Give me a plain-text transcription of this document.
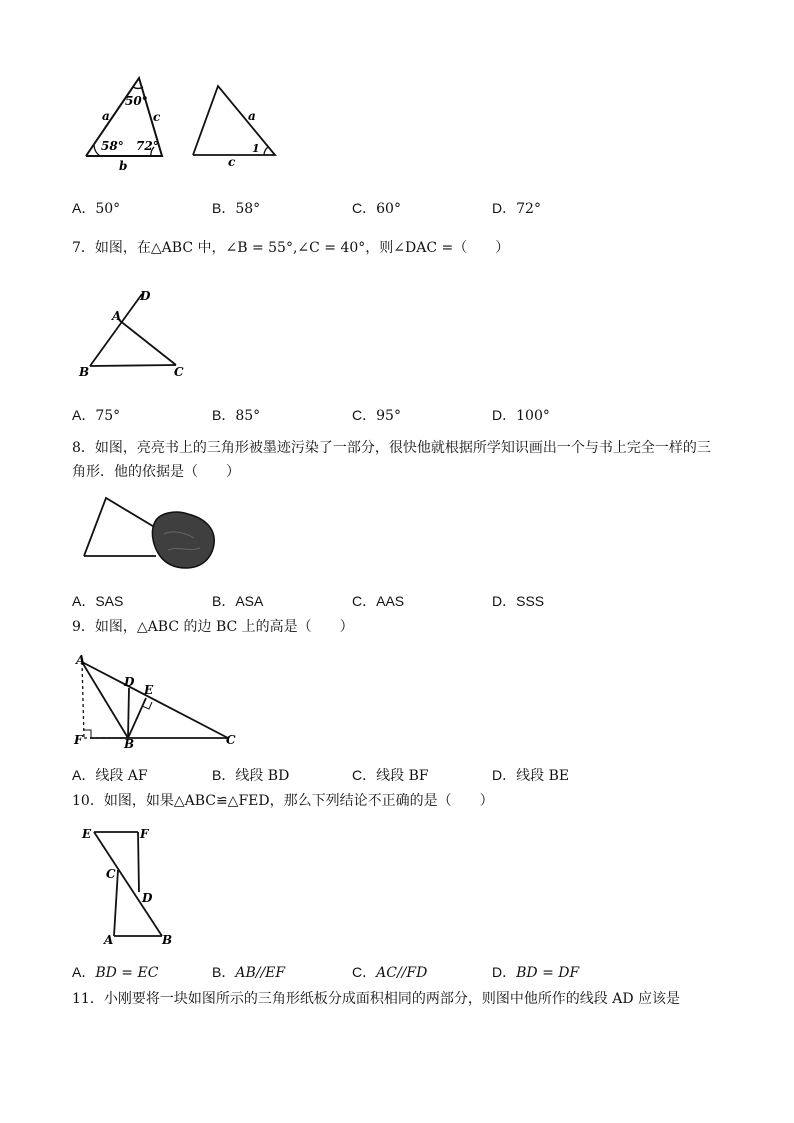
50°
a	c
58° 72°
b
a
1
c
A．50°	B．58°	C．60°	D．72°
7．如图，在△ABC 中，∠B = 55°,∠C = 40°，则∠DAC =（　　）
D
A
B	C
A．75°	B．85°	C．95°	D．100°
8．如图，亮亮书上的三角形被墨迹污染了一部分，很快他就根据所学知识画出一个与书上完全一样的三
角形．他的依据是（　　）
A．SAS	B．ASA	C．AAS	D．SSS
9．如图，△ABC 的边 BC 上的高是（　　）
A
D
E
F	B	C
A．线段 AF	B．线段 BD	C．线段 BF	D．线段 BE
10．如图，如果△ABC≌△FED，那么下列结论不正确的是（　　）
E	F
C
D
A	B
A．BD = EC	B．AB//EF	C．AC//FD	D．BD = DF
11．小刚要将一块如图所示的三角形纸板分成面积相同的两部分，则图中他所作的线段 AD 应该是
